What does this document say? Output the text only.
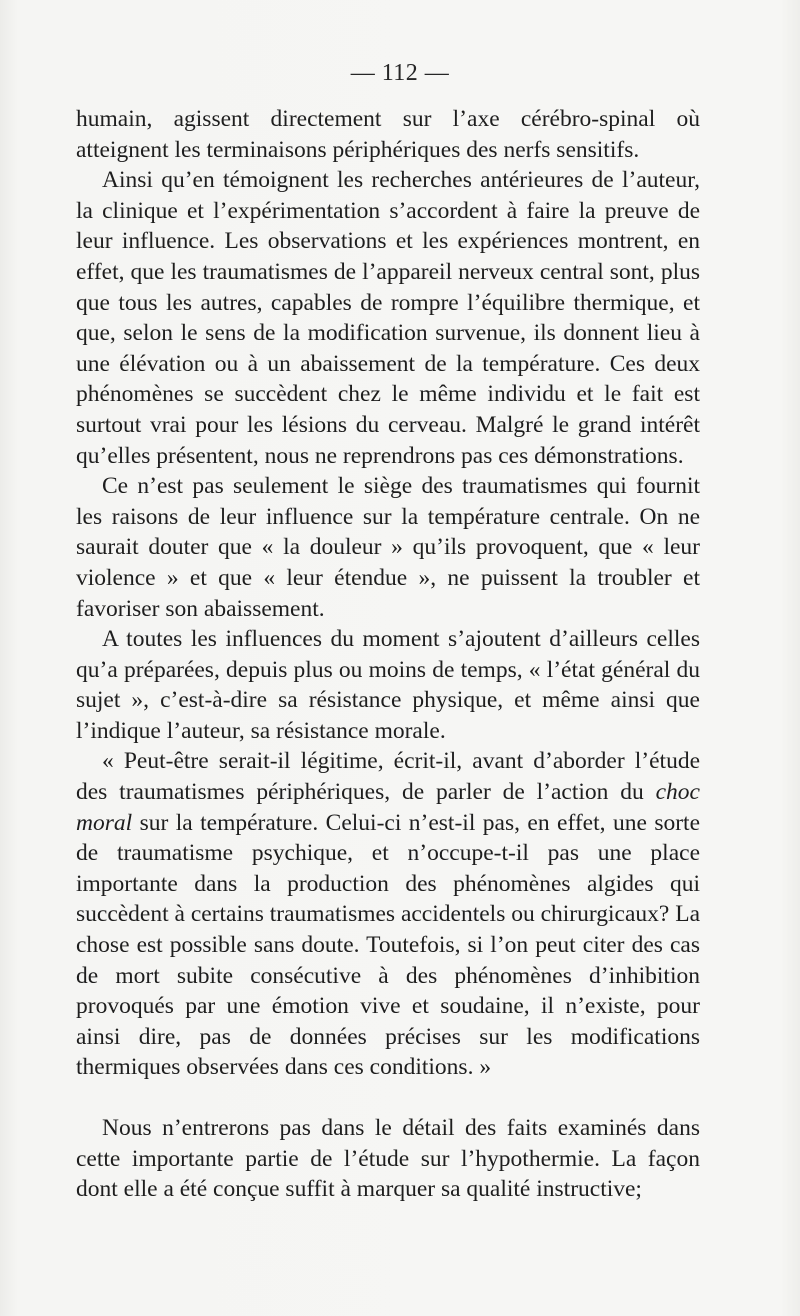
— 112 —

humain, agissent directement sur l’axe cérébro-spinal où atteignent les terminaisons périphériques des nerfs sensitifs.

Ainsi qu’en témoignent les recherches antérieures de l’auteur, la clinique et l’expérimentation s’accordent à faire la preuve de leur influence. Les observations et les expériences montrent, en effet, que les traumatismes de l’appareil nerveux central sont, plus que tous les autres, capables de rompre l’équilibre thermique, et que, selon le sens de la modification survenue, ils donnent lieu à une élévation ou à un abaissement de la température. Ces deux phénomènes se succèdent chez le même individu et le fait est surtout vrai pour les lésions du cerveau. Malgré le grand intérêt qu’elles présentent, nous ne reprendrons pas ces démonstrations.

Ce n’est pas seulement le siège des traumatismes qui fournit les raisons de leur influence sur la température centrale. On ne saurait douter que « la douleur » qu’ils provoquent, que « leur violence » et que « leur étendue », ne puissent la troubler et favoriser son abaissement.

A toutes les influences du moment s’ajoutent d’ailleurs celles qu’a préparées, depuis plus ou moins de temps, « l’état général du sujet », c’est-à-dire sa résistance physique, et même ainsi que l’indique l’auteur, sa résistance morale.

« Peut-être serait-il légitime, écrit-il, avant d’aborder l’étude des traumatismes périphériques, de parler de l’action du choc moral sur la température. Celui-ci n’est-il pas, en effet, une sorte de traumatisme psychique, et n’occupe-t-il pas une place importante dans la production des phénomènes algides qui succèdent à certains traumatismes accidentels ou chirurgicaux? La chose est possible sans doute. Toutefois, si l’on peut citer des cas de mort subite consécutive à des phénomènes d’inhibition provoqués par une émotion vive et soudaine, il n’existe, pour ainsi dire, pas de données précises sur les modifications thermiques observées dans ces conditions. »

Nous n’entrerons pas dans le détail des faits examinés dans cette importante partie de l’étude sur l’hypothermie. La façon dont elle a été conçue suffit à marquer sa qualité instructive;
